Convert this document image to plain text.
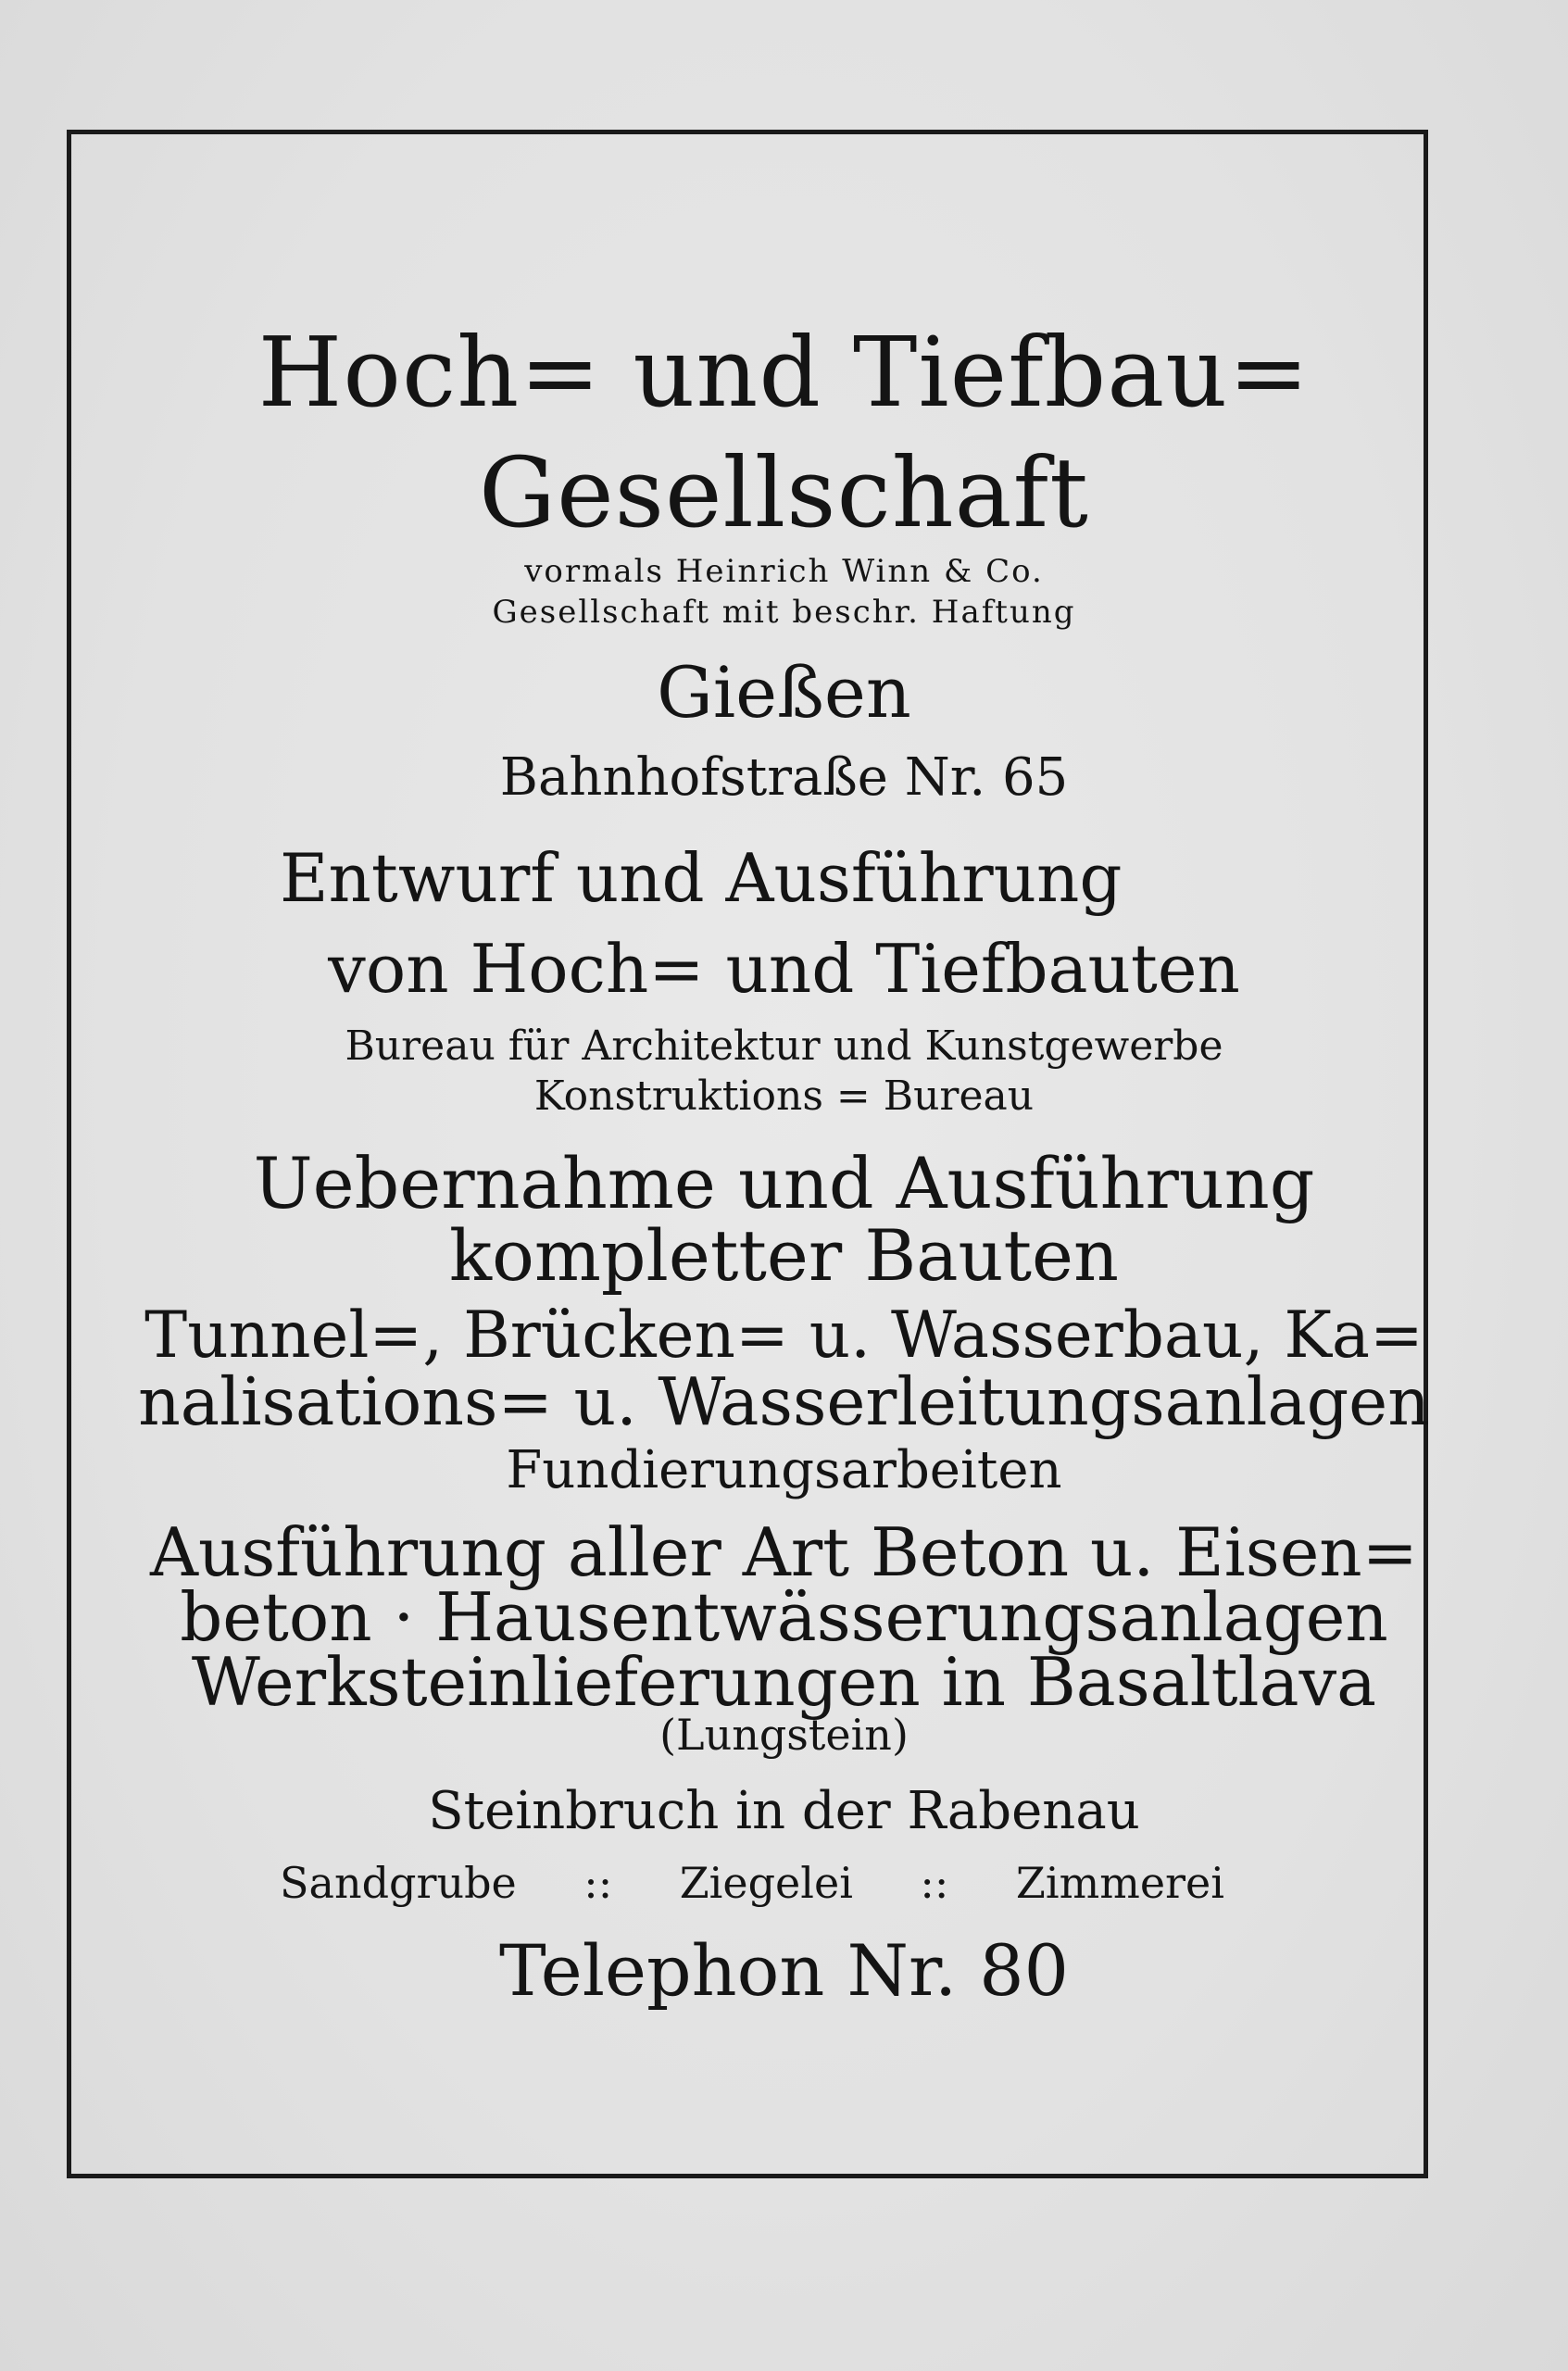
Hoch= und Tiefbau=
Gesellschaft
vormals Heinrich Winn & Co.
Gesellschaft mit beschr. Haftung
Gießen
Bahnhofstraße Nr. 65
Entwurf und Ausführung
von Hoch= und Tiefbauten
Bureau für Architektur und Kunstgewerbe
Konstruktions = Bureau
Uebernahme und Ausführung
kompletter Bauten
Tunnel=, Brücken= u. Wasserbau, Ka=
nalisations= u. Wasserleitungsanlagen
Fundierungsarbeiten
Ausführung aller Art Beton u. Eisen=
beton · Hausentwässerungsanlagen
Werksteinlieferungen in Basaltlava
(Lungstein)
Steinbruch in der Rabenau
Sandgrube :: Ziegelei :: Zimmerei
Telephon Nr. 80
